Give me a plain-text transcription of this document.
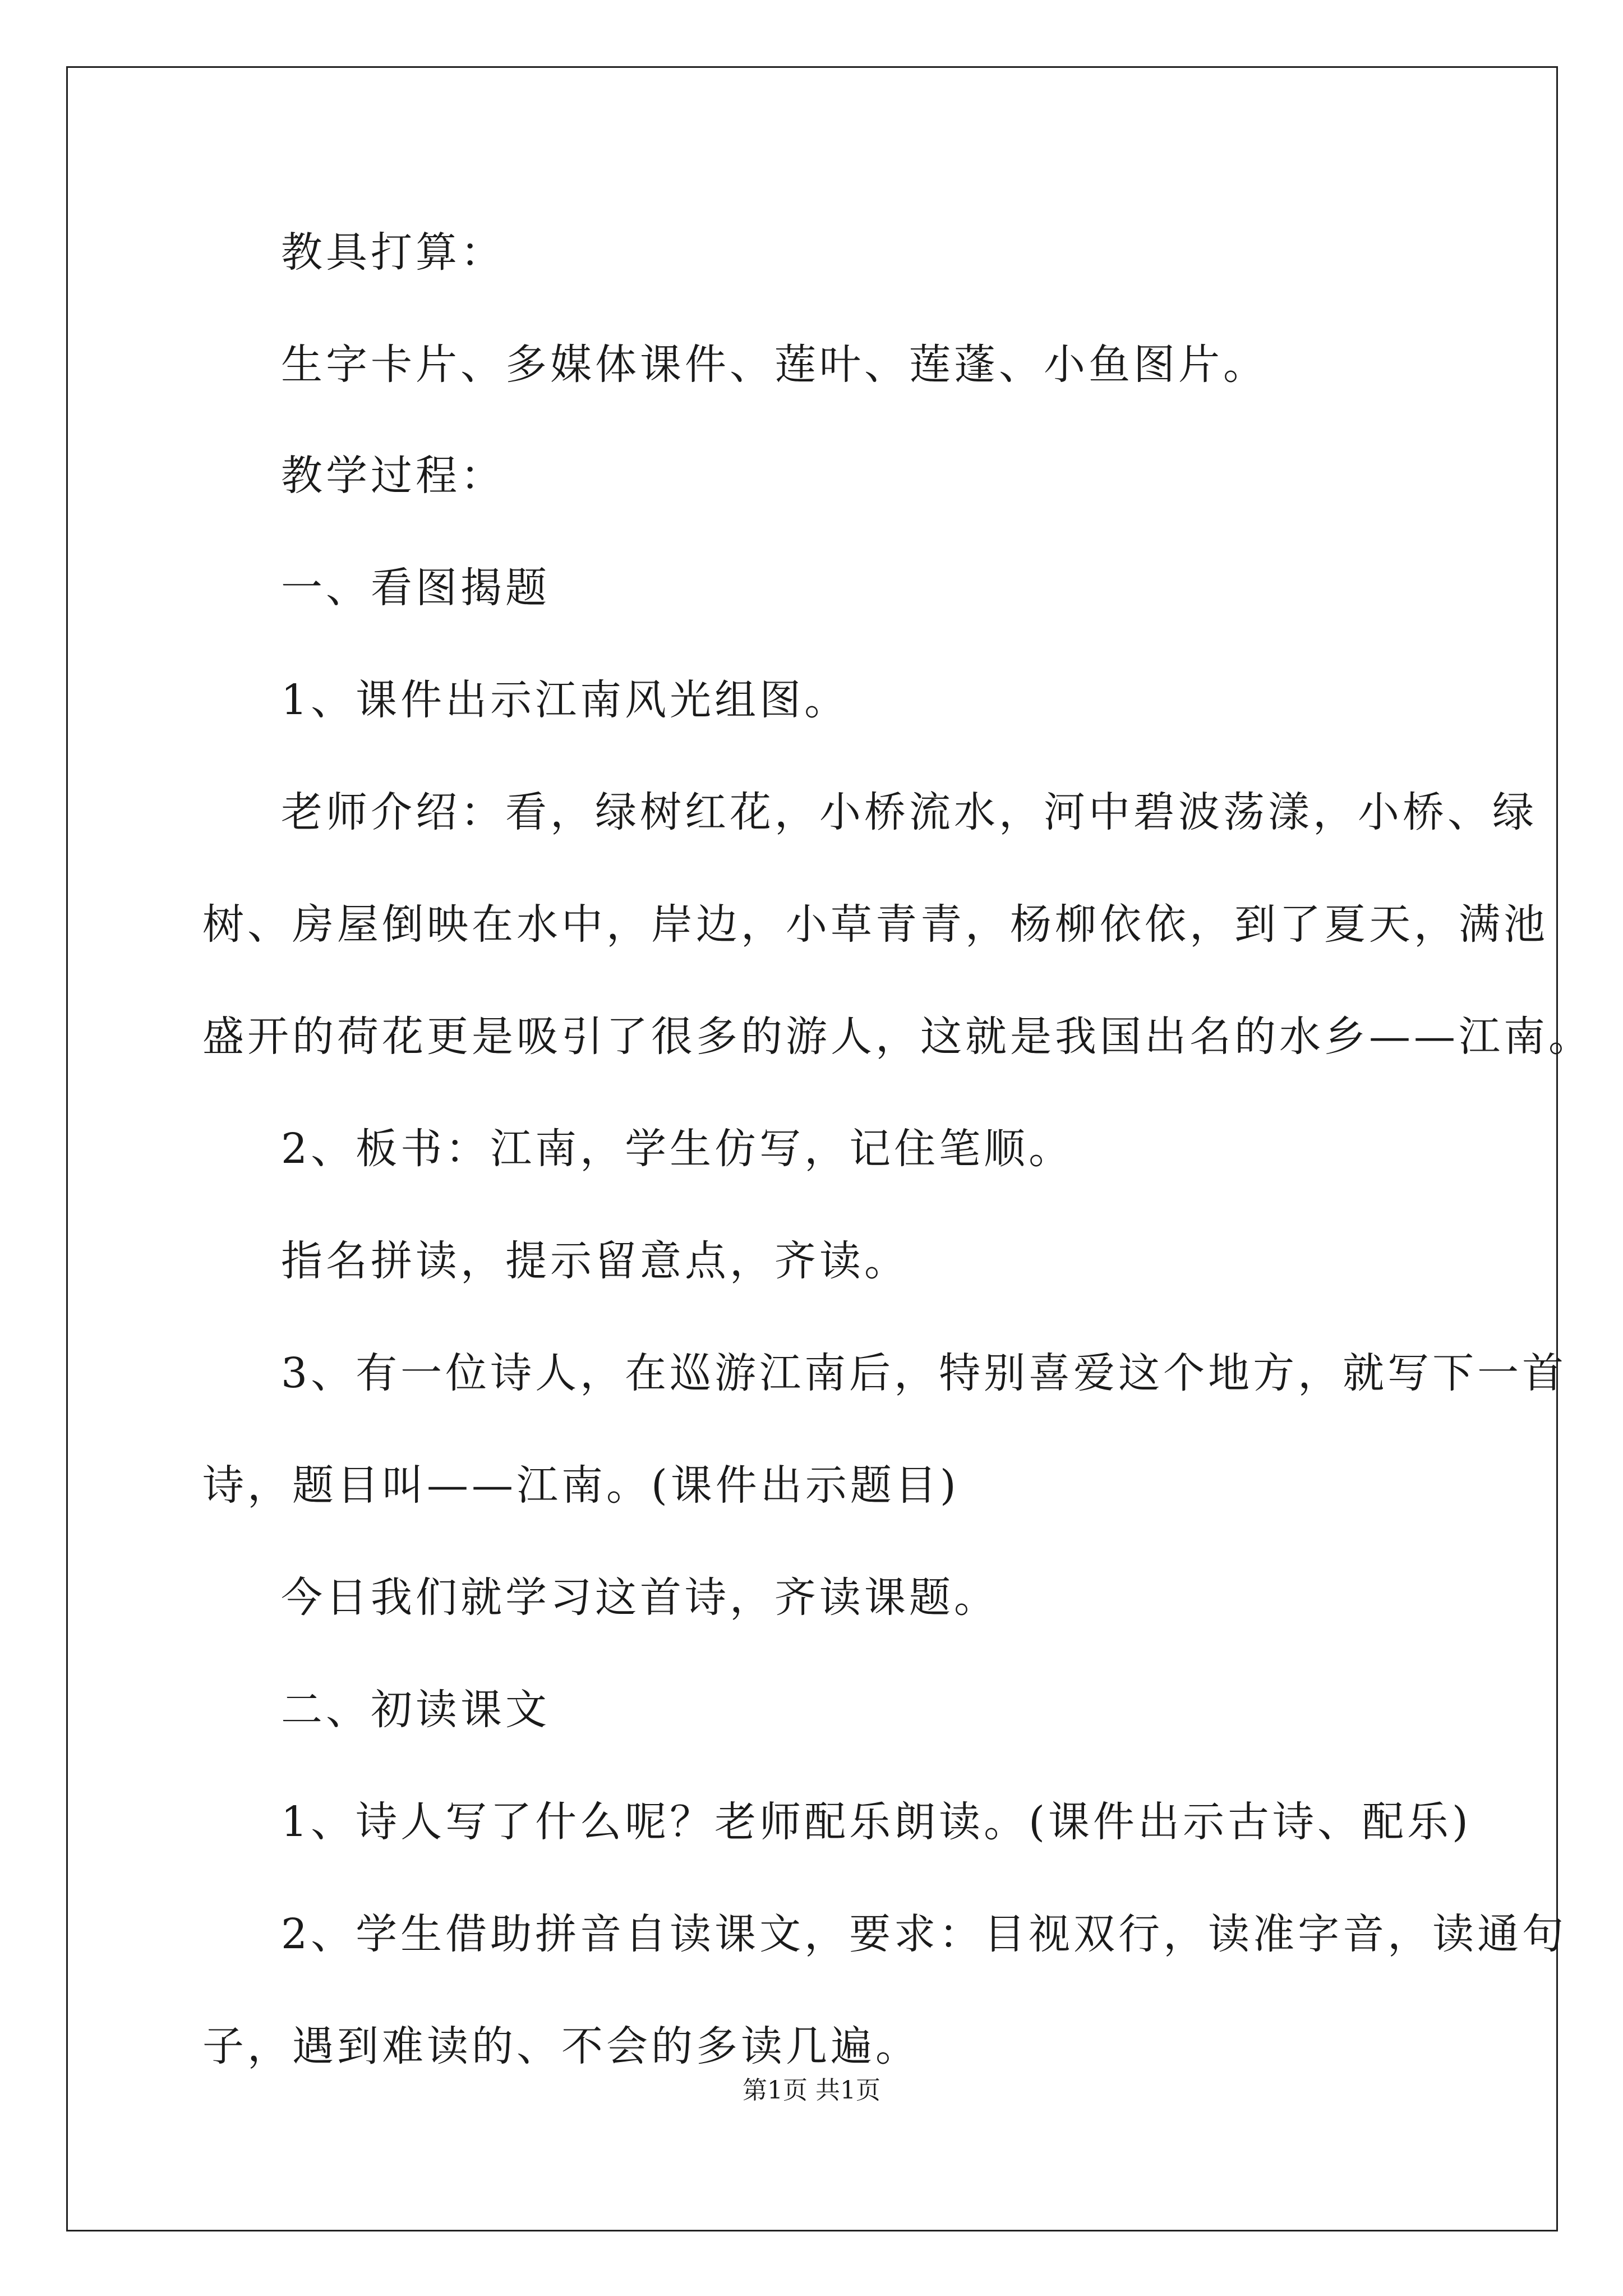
教具打算：

生字卡片、多媒体课件、莲叶、莲蓬、小鱼图片。

教学过程：

一、看图揭题

1、课件出示江南风光组图。

老师介绍：看，绿树红花，小桥流水，河中碧波荡漾，小桥、绿

树、房屋倒映在水中，岸边，小草青青，杨柳依依，到了夏天，满池

盛开的荷花更是吸引了很多的游人，这就是我国出名的水乡——江南。

2、板书：江南，学生仿写，记住笔顺。

指名拼读，提示留意点，齐读。

3、有一位诗人，在巡游江南后，特别喜爱这个地方，就写下一首

诗，题目叫——江南。(课件出示题目)

今日我们就学习这首诗，齐读课题。

二、初读课文

1、诗人写了什么呢？老师配乐朗读。(课件出示古诗、配乐)

2、学生借助拼音自读课文，要求：目视双行，读准字音，读通句

子，遇到难读的、不会的多读几遍。

第1页 共1页
